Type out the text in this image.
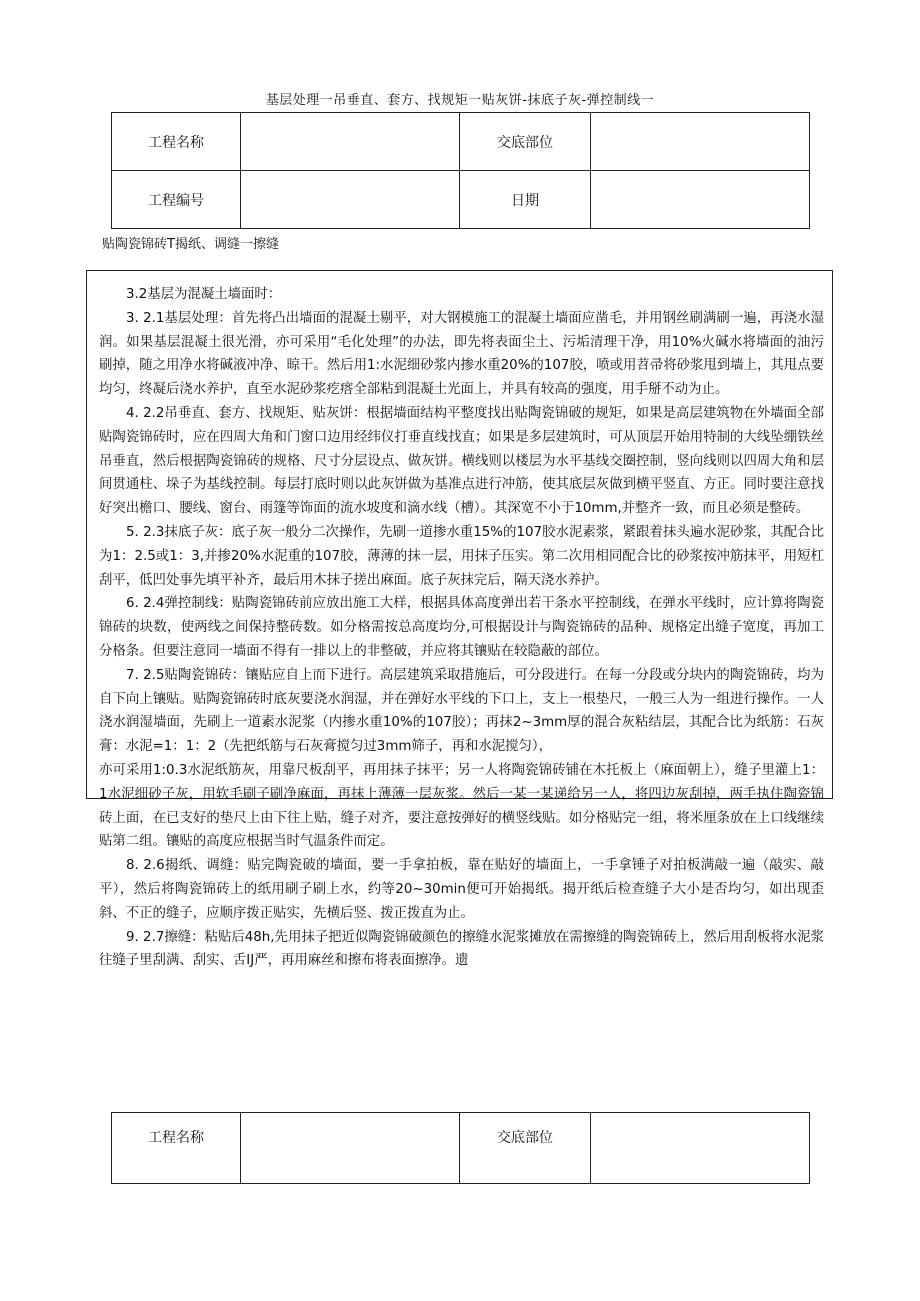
基层处理一吊垂直、套方、找规矩一贴灰饼-抹底子灰-弹控制线一
工程名称		交底部位	
工程编号		日期	
贴陶瓷锦砖T揭纸、调缝一擦缝

3.2基层为混凝土墙面时：

3. 2.1基层处理：首先将凸出墙面的混凝土剔平，对大钢模施工的混凝土墙面应凿毛，并用钢丝刷满刷一遍，再浇水湿润。如果基层混凝土很光滑，亦可采用“毛化处理”的办法，即先将表面尘土、污垢清理干净，用10%火碱水将墙面的油污刷掉，随之用净水将碱液冲净、晾干。然后用1:水泥细砂浆内掺水重20%的107胶，喷或用苕帚将砂浆甩到墙上，其甩点要均匀，终凝后浇水养护，直至水泥砂浆疙瘩全部粘到混凝土光面上，并具有较高的强度，用手掰不动为止。

4. 2.2吊垂直、套方、找规矩、贴灰饼：根据墙面结构平整度找出贴陶瓷锦破的规矩，如果是高层建筑物在外墙面全部贴陶瓷锦砖时，应在四周大角和门窗口边用经纬仪打垂直线找直；如果是多层建筑时，可从顶层开始用特制的大线坠绷铁丝吊垂直，然后根据陶瓷锦砖的规格、尺寸分层设点、做灰饼。横线则以楼层为水平基线交圈控制，竖向线则以四周大角和层间贯通柱、垛子为基线控制。每层打底时则以此灰饼做为基准点进行冲筋，使其底层灰做到横平竖直、方正。同时要注意找好突出檐口、腰线、窗台、雨篷等饰面的流水坡度和滴水线（槽）。其深宽不小于10mm,并整齐一致，而且必须是整砖。

5. 2.3抹底子灰：底子灰一般分二次操作，先刷一道掺水重15%的107胶水泥素浆，紧跟着抹头遍水泥砂浆，其配合比为1：2.5或1：3,并掺20%水泥重的107胶，薄薄的抹一层，用抹子压实。第二次用相同配合比的砂浆按冲筋抹平，用短杠刮平，低凹处事先填平补齐，最后用木抹子搓出麻面。底子灰抹完后，隔天浇水养护。

6. 2.4弹控制线：贴陶瓷锦砖前应放出施工大样，根据具体高度弹出若干条水平控制线，在弹水平线时，应计算将陶瓷锦砖的块数，使两线之间保持整砖数。如分格需按总高度均分,可根据设计与陶瓷锦砖的品种、规格定出缝子宽度，再加工分格条。但要注意同一墙面不得有一排以上的非整破，并应将其镶贴在较隐蔽的部位。

7. 2.5贴陶瓷锦砖：镶贴应自上而下进行。高层建筑采取措施后，可分段进行。在每一分段或分块内的陶瓷锦砖，均为自下向上镶贴。贴陶瓷锦砖时底灰要浇水润湿，并在弹好水平线的下口上，支上一根垫尺，一般三人为一组进行操作。一人浇水润湿墙面，先刷上一道素水泥浆（内掺水重10%的107胶）；再抹2~3mm厚的混合灰粘结层，其配合比为纸筋：石灰膏：水泥=1：1：2（先把纸筋与石灰膏搅匀过3mm筛子，再和水泥搅匀），

亦可采用1:0.3水泥纸筋灰，用靠尺板刮平，再用抹子抹平；另一人将陶瓷锦砖铺在木托板上（麻面朝上），缝子里灌上1：1水泥细砂子灰，用软毛刷子刷净麻面，再抹上薄薄一层灰浆。然后一某一某递给另一人，将四边灰刮掉，两手执住陶瓷锦砖上面，在已支好的垫尺上由下往上贴，缝子对齐，要注意按弹好的横竖线贴。如分格贴完一组，将米厘条放在上口线继续贴第二组。镶贴的高度应根据当时气温条件而定。

8. 2.6揭纸、调缝：贴完陶瓷破的墙面，要一手拿拍板，靠在贴好的墙面上，一手拿锤子对拍板满敲一遍（敲实、敲平），然后将陶瓷锦砖上的纸用刷子刷上水，约等20~30min便可开始揭纸。揭开纸后检查缝子大小是否均匀，如出现歪斜、不正的缝子，应顺序拨正贴实，先横后竖、拨正拨直为止。

9. 2.7擦缝：粘贴后48h,先用抹子把近似陶瓷锦破颜色的擦缝水泥浆摊放在需擦缝的陶瓷锦砖上，然后用刮板将水泥浆往缝子里刮满、刮实、舌IJ严，再用麻丝和擦布将表面擦净。遗

工程名称		交底部位	
